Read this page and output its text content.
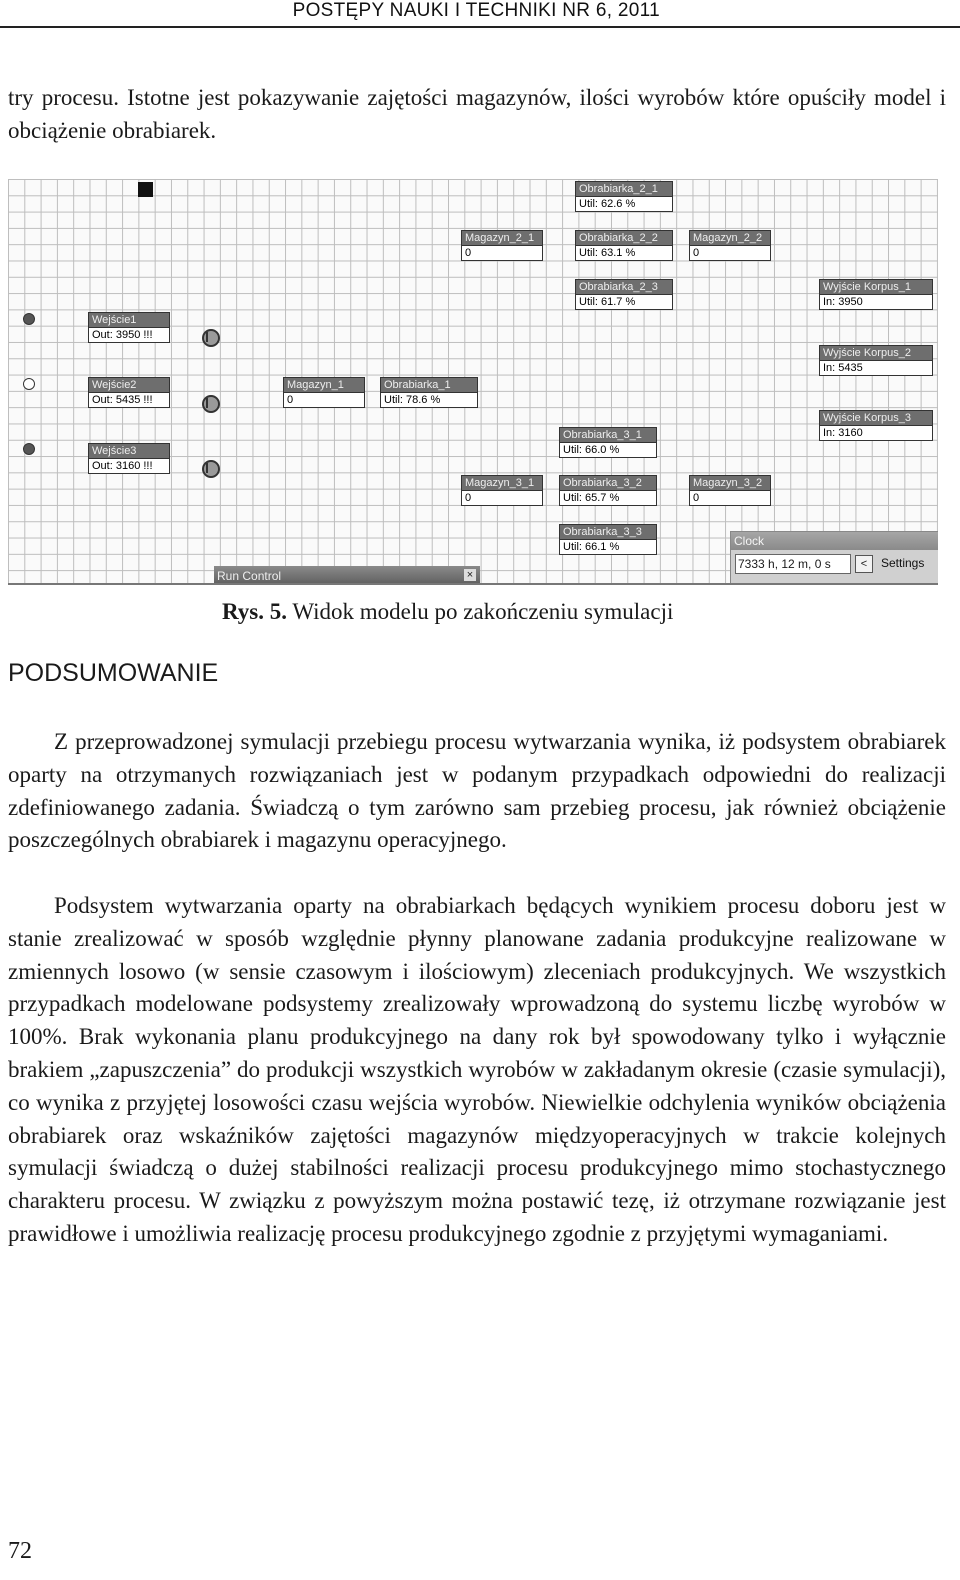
POSTĘPY NAUKI I TECHNIKI NR 6, 2011

try procesu. Istotne jest pokazywanie zajętości magazynów, ilości wyrobów które opuściły model i obciążenie obrabiarek.

Wejście1
Out: 3950 !!!
Wejście2
Out: 5435 !!!
Wejście3
Out: 3160 !!!
Magazyn_1
0
Obrabiarka_1
Util: 78.6 %
Obrabiarka_2_1
Util: 62.6 %
Magazyn_2_1
0
Obrabiarka_2_2
Util: 63.1 %
Magazyn_2_2
0
Obrabiarka_2_3
Util: 61.7 %
Wyjście Korpus_1
In: 3950
Wyjście Korpus_2
In: 5435
Wyjście Korpus_3
In: 3160
Obrabiarka_3_1
Util: 66.0 %
Magazyn_3_1
0
Obrabiarka_3_2
Util: 65.7 %
Magazyn_3_2
0
Obrabiarka_3_3
Util: 66.1 %
Run Control	×
Clock
7333 h, 12 m, 0 s	<	Settings
Rys. 5. Widok modelu po zakończeniu symulacji
PODSUMOWANIE

Z przeprowadzonej symulacji przebiegu procesu wytwarzania wynika, iż podsystem obrabiarek oparty na otrzymanych rozwiązaniach jest w podanym przypadkach odpowiedni do realizacji zdefiniowanego zadania. Świadczą o tym zarówno sam przebieg procesu, jak również obciążenie poszczególnych obrabiarek i magazynu operacyjnego.

Podsystem wytwarzania oparty na obrabiarkach będących wynikiem procesu doboru jest w stanie zrealizować w sposób względnie płynny planowane zadania produkcyjne realizowane w zmiennych losowo (w sensie czasowym i ilościowym) zleceniach produkcyjnych. We wszystkich przypadkach modelowane podsystemy zrealizowały wprowadzoną do systemu liczbę wyrobów w 100%. Brak wykonania planu produkcyjnego na dany rok był spowodowany tylko i wyłącznie brakiem „zapuszczenia” do produkcji wszystkich wyrobów w zakładanym okresie (czasie symulacji), co wynika z przyjętej losowości czasu wejścia wyrobów. Niewielkie odchylenia wyników obciążenia obrabiarek oraz wskaźników zajętości magazynów międzyoperacyjnych w trakcie kolejnych symulacji świadczą o dużej stabilności realizacji procesu produkcyjnego mimo stochastycznego charakteru procesu. W związku z powyższym można postawić tezę, iż otrzymane rozwiązanie jest prawidłowe i umożliwia realizację procesu produkcyjnego zgodnie z przyjętymi wymaganiami.

72
